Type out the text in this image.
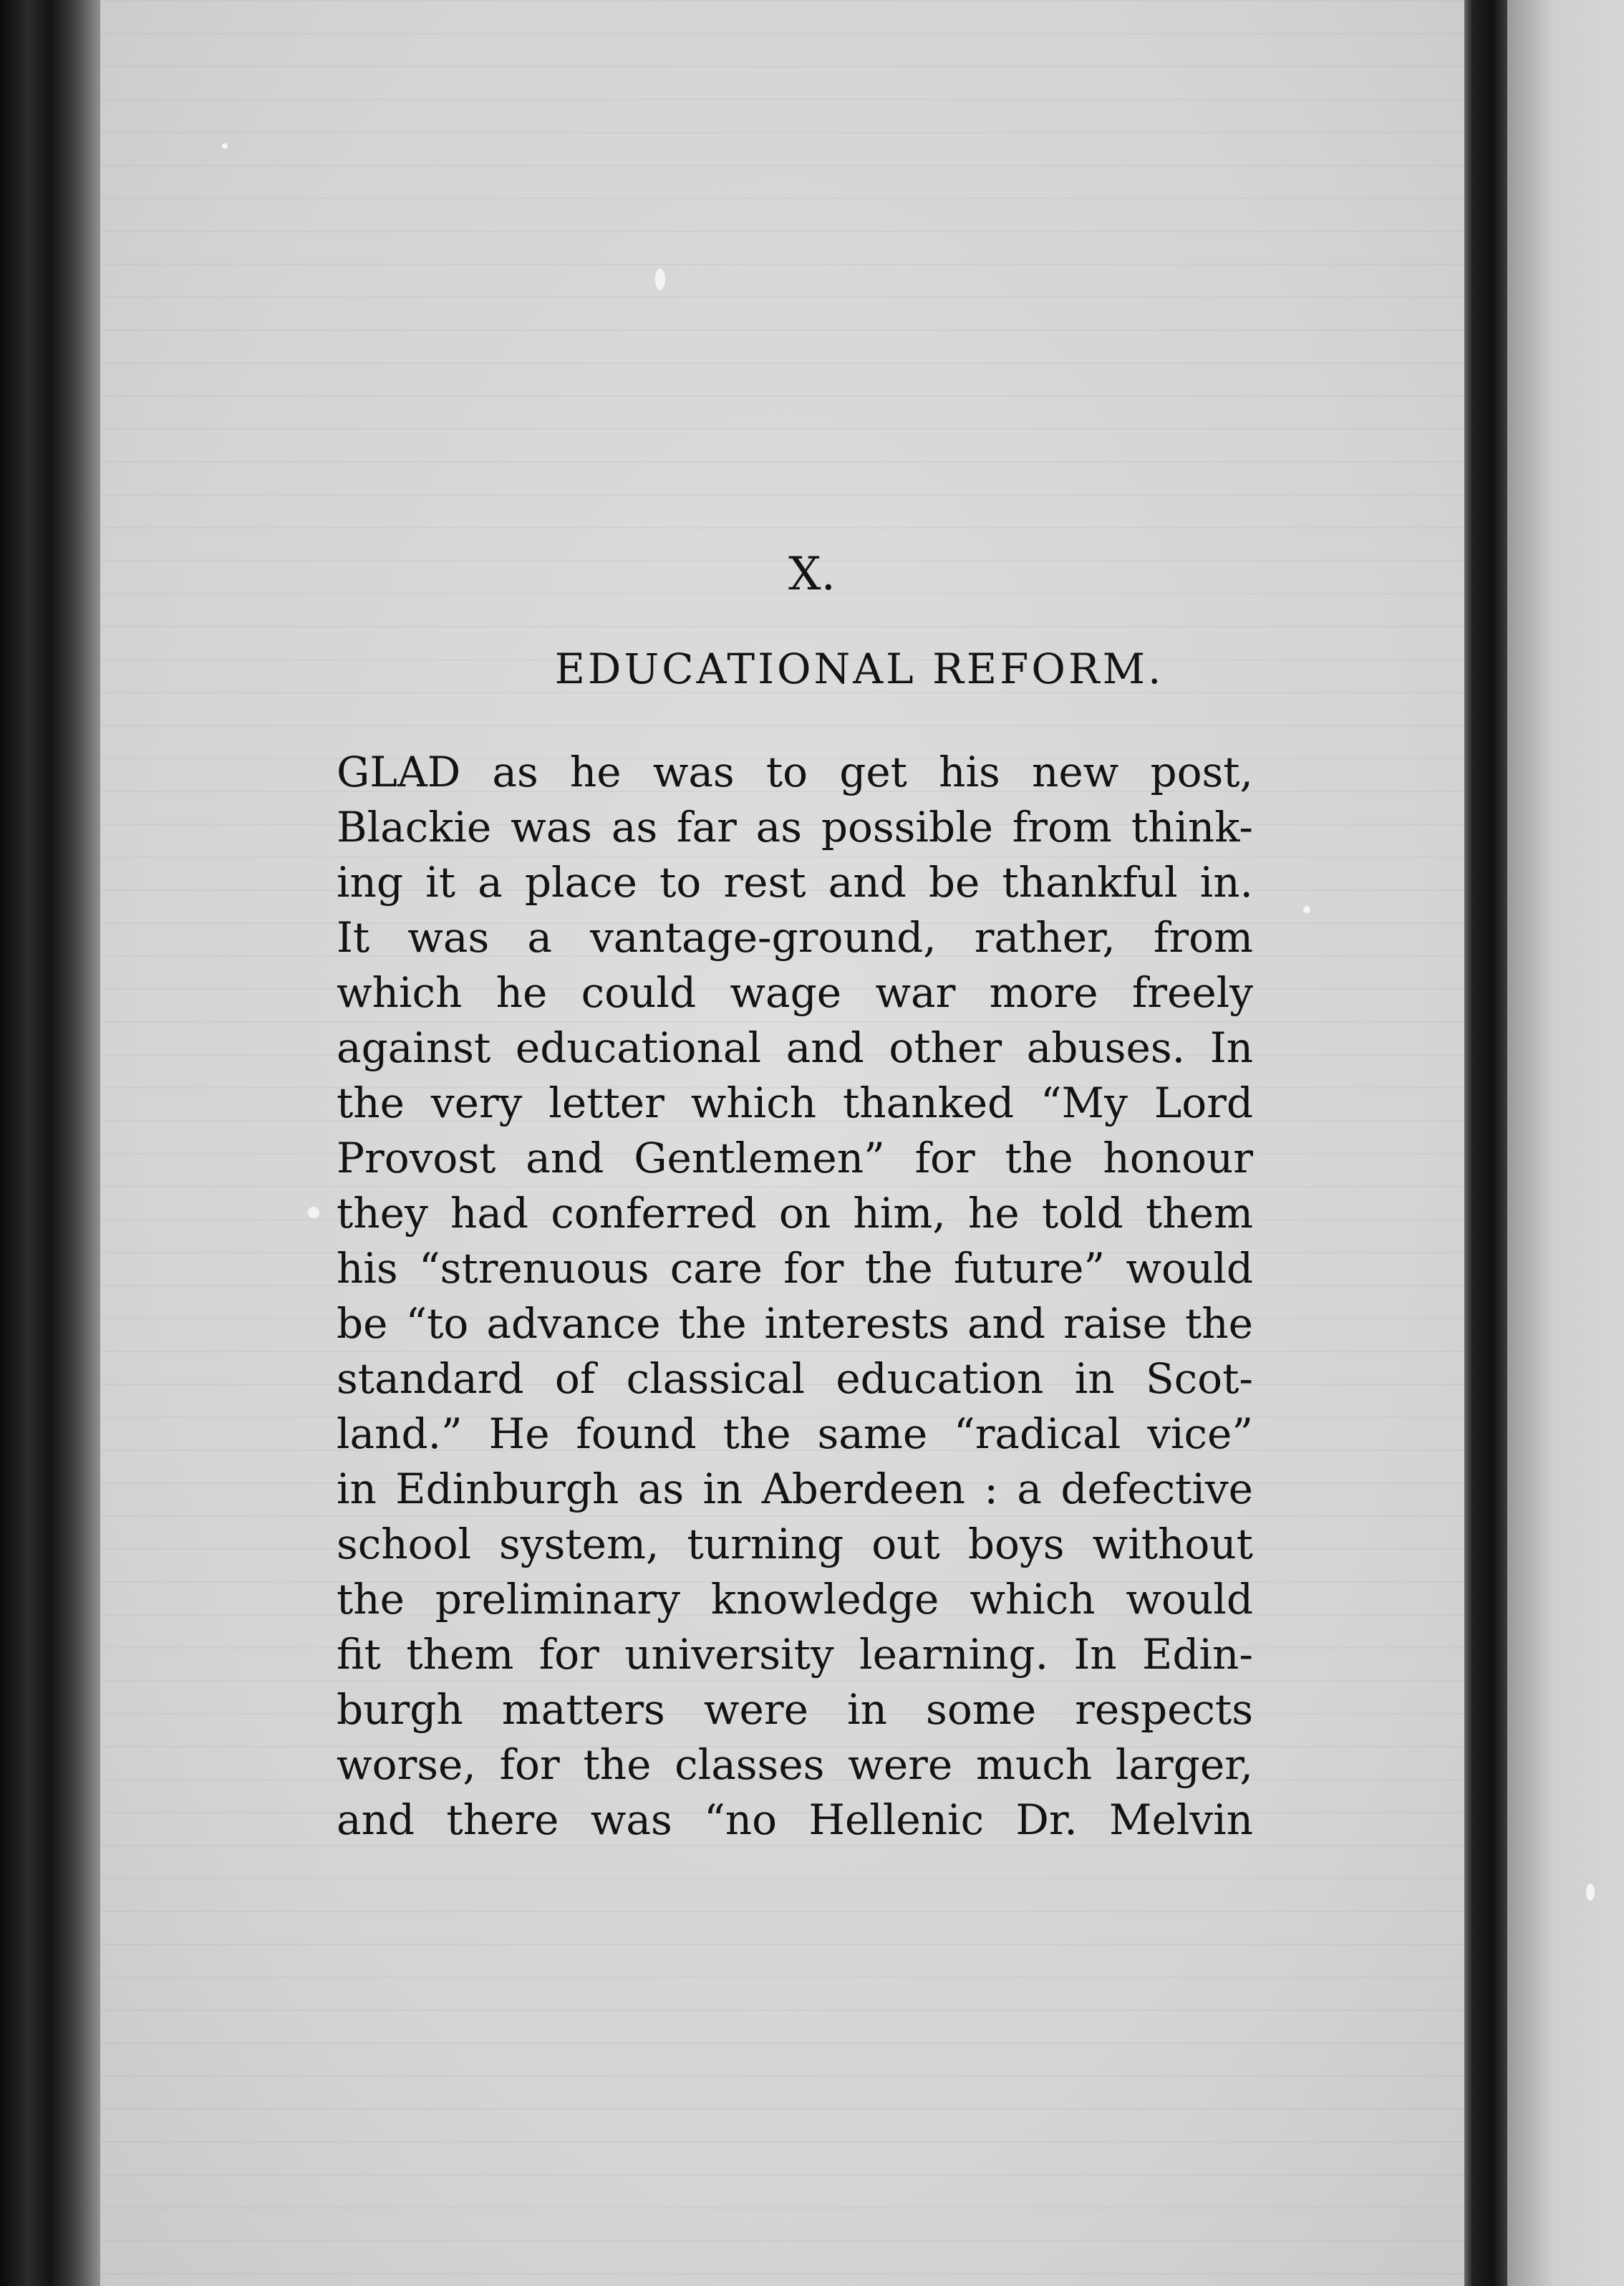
X.
EDUCATIONAL REFORM.
GLAD as he was to get his new post,
Blackie was as far as possible from think-
ing it a place to rest and be thankful in.
It was a vantage-ground, rather, from
which he could wage war more freely
against educational and other abuses. In
the very letter which thanked “My Lord
Provost and Gentlemen” for the honour
they had conferred on him, he told them
his “strenuous care for the future” would
be “to advance the interests and raise the
standard of classical education in Scot-
land.” He found the same “radical vice”
in Edinburgh as in Aberdeen : a defective
school system, turning out boys without
the preliminary knowledge which would
fit them for university learning. In Edin-
burgh matters were in some respects
worse, for the classes were much larger,
and there was “no Hellenic Dr. Melvin
